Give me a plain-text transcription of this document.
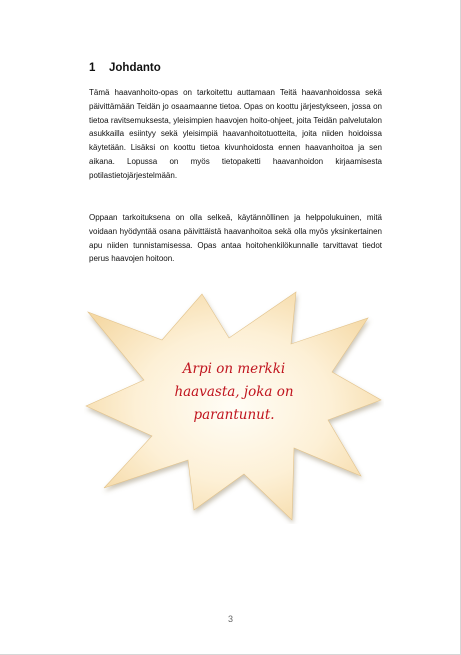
1 Johdanto

Tämä haavanhoito-opas on tarkoitettu auttamaan Teitä haavanhoidossa sekä päivittämään Teidän jo osaamaanne tietoa. Opas on koottu järjestykseen, jossa on tietoa ravitsemuksesta, yleisimpien haavojen hoito-ohjeet, joita Teidän palvelutalon asukkailla esiintyy sekä yleisimpiä haavanhoitotuotteita, joita niiden hoidoissa käytetään. Lisäksi on koottu tietoa kivunhoidosta ennen haavanhoitoa ja sen aikana. Lopussa on myös tietopaketti haavanhoidon kirjaamisesta potilastietojärjestelmään.

Oppaan tarkoituksena on olla selkeä, käytännöllinen ja helppolukuinen, mitä voidaan hyödyntää osana päivittäistä haavanhoitoa sekä olla myös yksinkertainen apu niiden tunnistamisessa. Opas antaa hoitohenkilökunnalle tarvittavat tiedot perus haavojen hoitoon.

Arpi on merkki haavasta, joka on parantunut.
3
